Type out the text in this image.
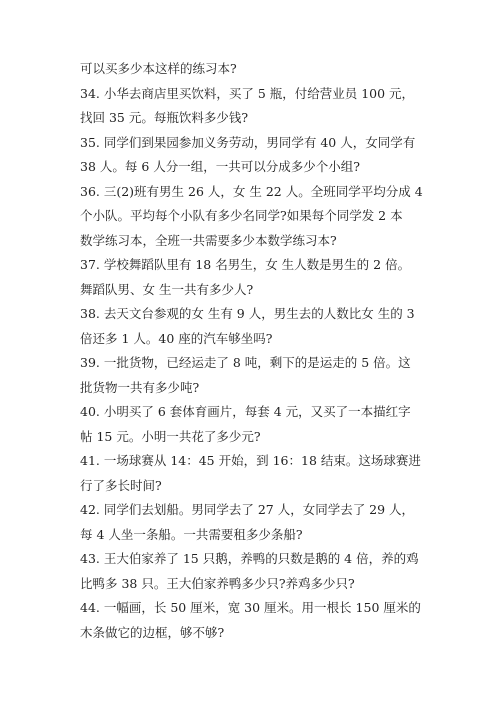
可以买多少本这样的练习本?
34. 小华去商店里买饮料，买了 5 瓶，付给营业员 100 元，
找回 35 元。每瓶饮料多少钱?
35. 同学们到果园参加义务劳动，男同学有 40 人，女同学有
38 人。每 6 人分一组，一共可以分成多少个小组?
36. 三(2)班有男生 26 人，女 生 22 人。全班同学平均分成 4
个小队。平均每个小队有多少名同学?如果每个同学发 2 本
数学练习本，全班一共需要多少本数学练习本?
37. 学校舞蹈队里有 18 名男生，女 生人数是男生的 2 倍。
舞蹈队男、女 生一共有多少人?
38. 去天文台参观的女 生有 9 人，男生去的人数比女 生的 3
倍还多 1 人。40 座的汽车够坐吗?
39. 一批货物，已经运走了 8 吨，剩下的是运走的 5 倍。这
批货物一共有多少吨?
40. 小明买了 6 套体育画片，每套 4 元，又买了一本描红字
帖 15 元。小明一共花了多少元?
41. 一场球赛从 14：45 开始，到 16：18 结束。这场球赛进
行了多长时间?
42. 同学们去划船。男同学去了 27 人，女同学去了 29 人，
每 4 人坐一条船。一共需要租多少条船?
43. 王大伯家养了 15 只鹅，养鸭的只数是鹅的 4 倍，养的鸡
比鸭多 38 只。王大伯家养鸭多少只?养鸡多少只?
44. 一幅画，长 50 厘米，宽 30 厘米。用一根长 150 厘米的
木条做它的边框，够不够?
